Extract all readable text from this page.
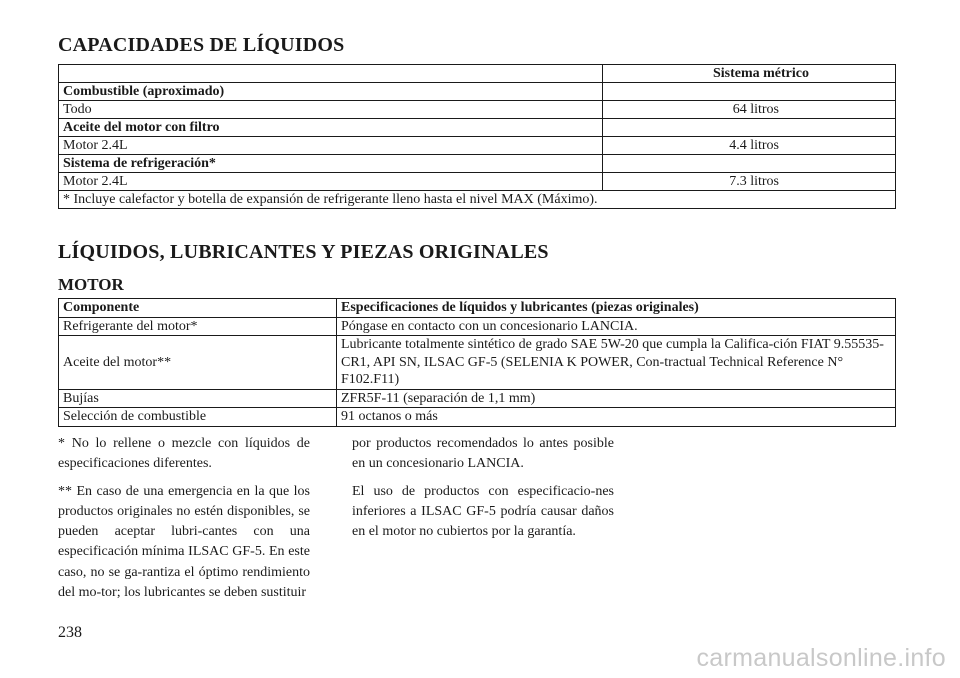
CAPACIDADES DE LÍQUIDOS
	Sistema métrico
Combustible (aproximado)	
Todo	64 litros
Aceite del motor con filtro	
Motor 2.4L	4.4 litros
Sistema de refrigeración*	
Motor 2.4L	7.3 litros
* Incluye calefactor y botella de expansión de refrigerante lleno hasta el nivel MAX (Máximo).	
LÍQUIDOS, LUBRICANTES Y PIEZAS ORIGINALES
MOTOR
Componente	Especificaciones de líquidos y lubricantes (piezas originales)
Refrigerante del motor*	Póngase en contacto con un concesionario LANCIA.
Aceite del motor**	Lubricante totalmente sintético de grado SAE 5W-20 que cumpla la Califica-ción FIAT 9.55535-CR1, API SN, ILSAC GF-5 (SELENIA K POWER, Con-tractual Technical Reference N° F102.F11)
Bujías	ZFR5F-11 (separación de 1,1 mm)
Selección de combustible	91 octanos o más

* No lo rellene o mezcle con líquidos de especificaciones diferentes.

** En caso de una emergencia en la que los productos originales no estén disponibles, se pueden aceptar lubri-cantes con una especificación mínima ILSAC GF-5. En este caso, no se ga-rantiza el óptimo rendimiento del mo-tor; los lubricantes se deben sustituir

por productos recomendados lo antes posible en un concesionario LANCIA.

El uso de productos con especificacio-nes inferiores a ILSAC GF-5 podría causar daños en el motor no cubiertos por la garantía.

238
carmanualsonline.info
